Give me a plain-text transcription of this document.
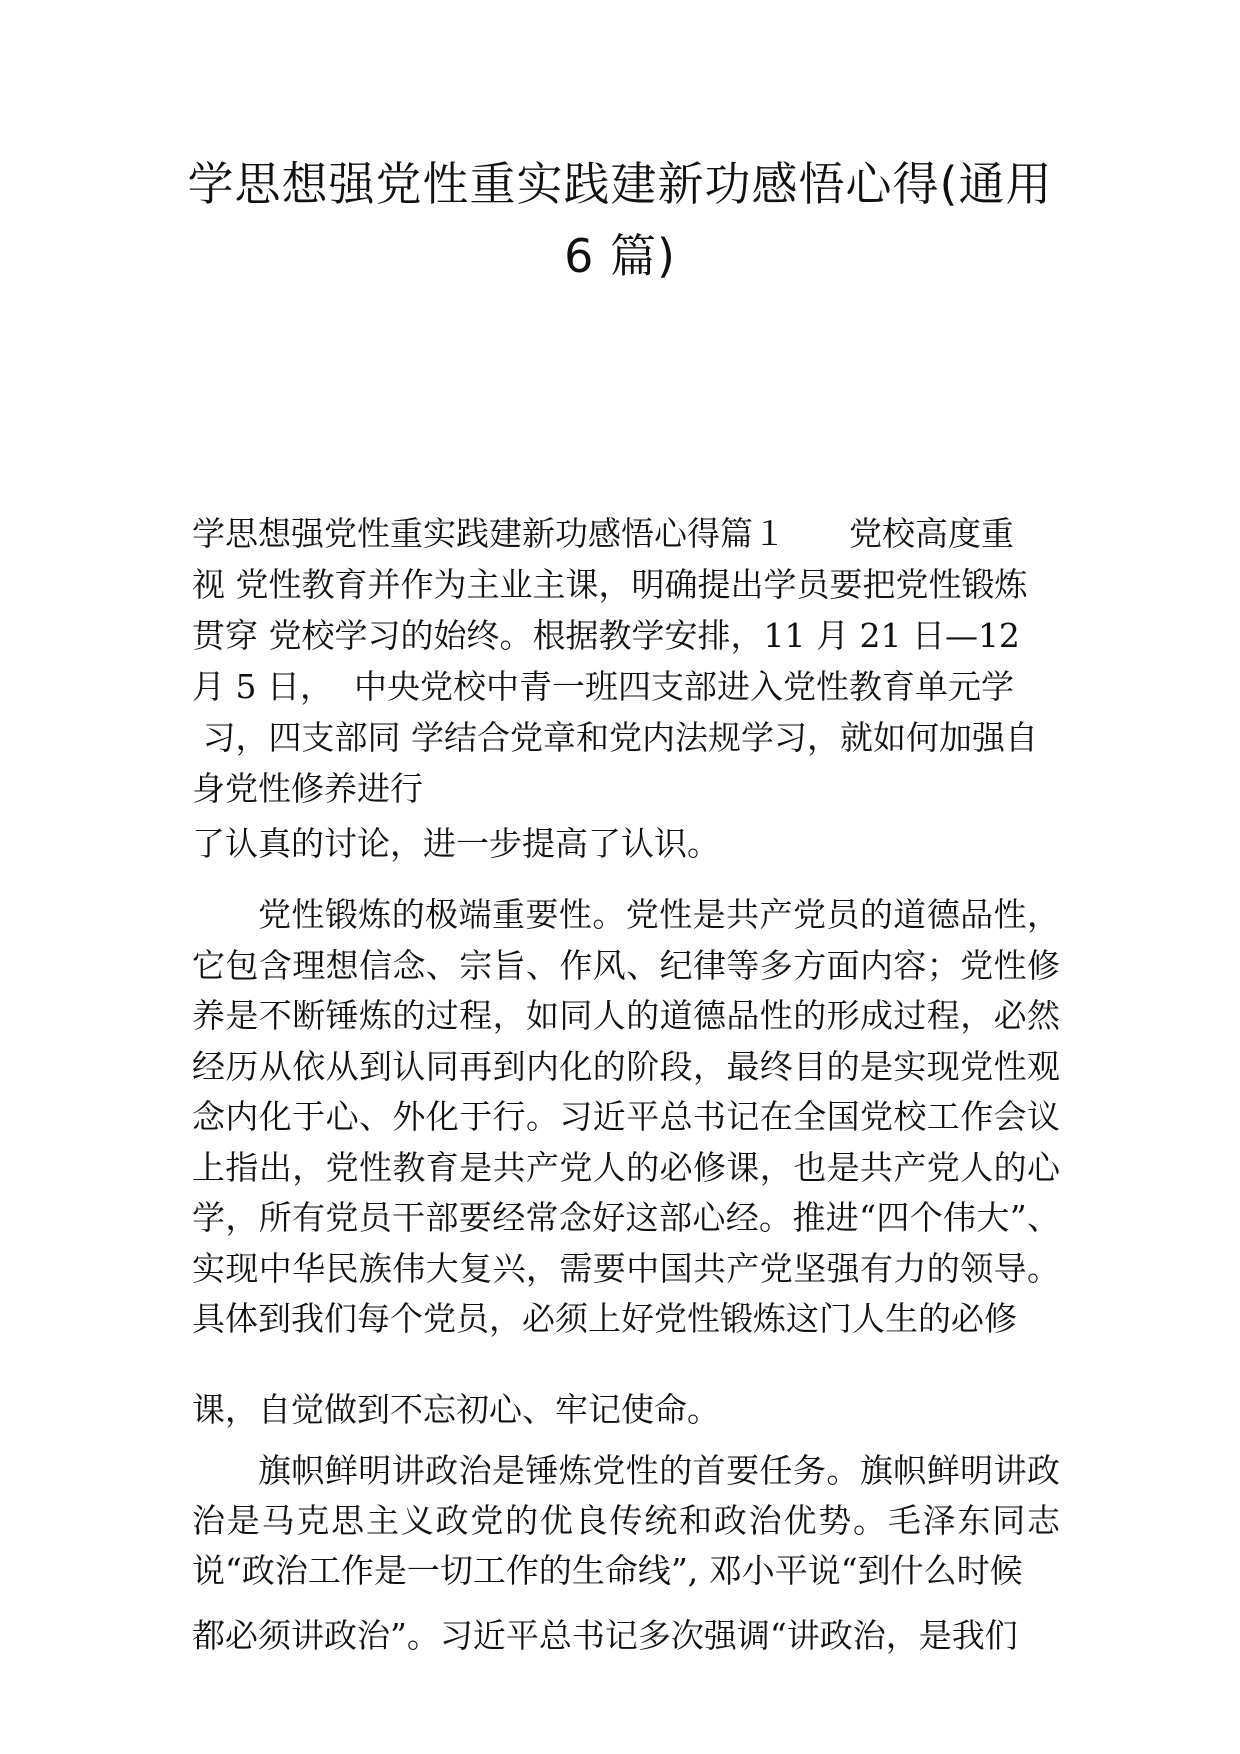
学思想强党性重实践建新功感悟心得(通用
6 篇)
学思想强党性重实践建新功感悟心得篇１      党校高度重
视 党性教育并作为主业主课，明确提出学员要把党性锻炼
贯穿 党校学习的始终。根据教学安排，11 月 21 日—12
月 5 日，  中央党校中青一班四支部进入党性教育单元学
习，四支部同 学结合党章和党内法规学习，就如何加强自
身党性修养进行

了认真的讨论，进一步提高了认识。

党性锻炼的极端重要性。党性是共产党员的道德品性，它包含理想信念、宗旨、作风、纪律等多方面内容；党性修养是不断锤炼的过程，如同人的道德品性的形成过程，必然经历从依从到认同再到内化的阶段，最终目的是实现党性观念内化于心、外化于行。习近平总书记在全国党校工作会议上指出，党性教育是共产党人的必修课，也是共产党人的心学，所有党员干部要经常念好这部心经。推进“四个伟大”、实现中华民族伟大复兴，需要中国共产党坚强有力的领导。具体到我们每个党员，必须上好党性锻炼这门人生的必修

课，自觉做到不忘初心、牢记使命。

旗帜鲜明讲政治是锤炼党性的首要任务。旗帜鲜明讲政治是马克思主义政党的优良传统和政治优势。毛泽东同志说“政治工作是一切工作的生命线”, 邓小平说“到什么时候

都必须讲政治”。习近平总书记多次强调“讲政治，是我们
